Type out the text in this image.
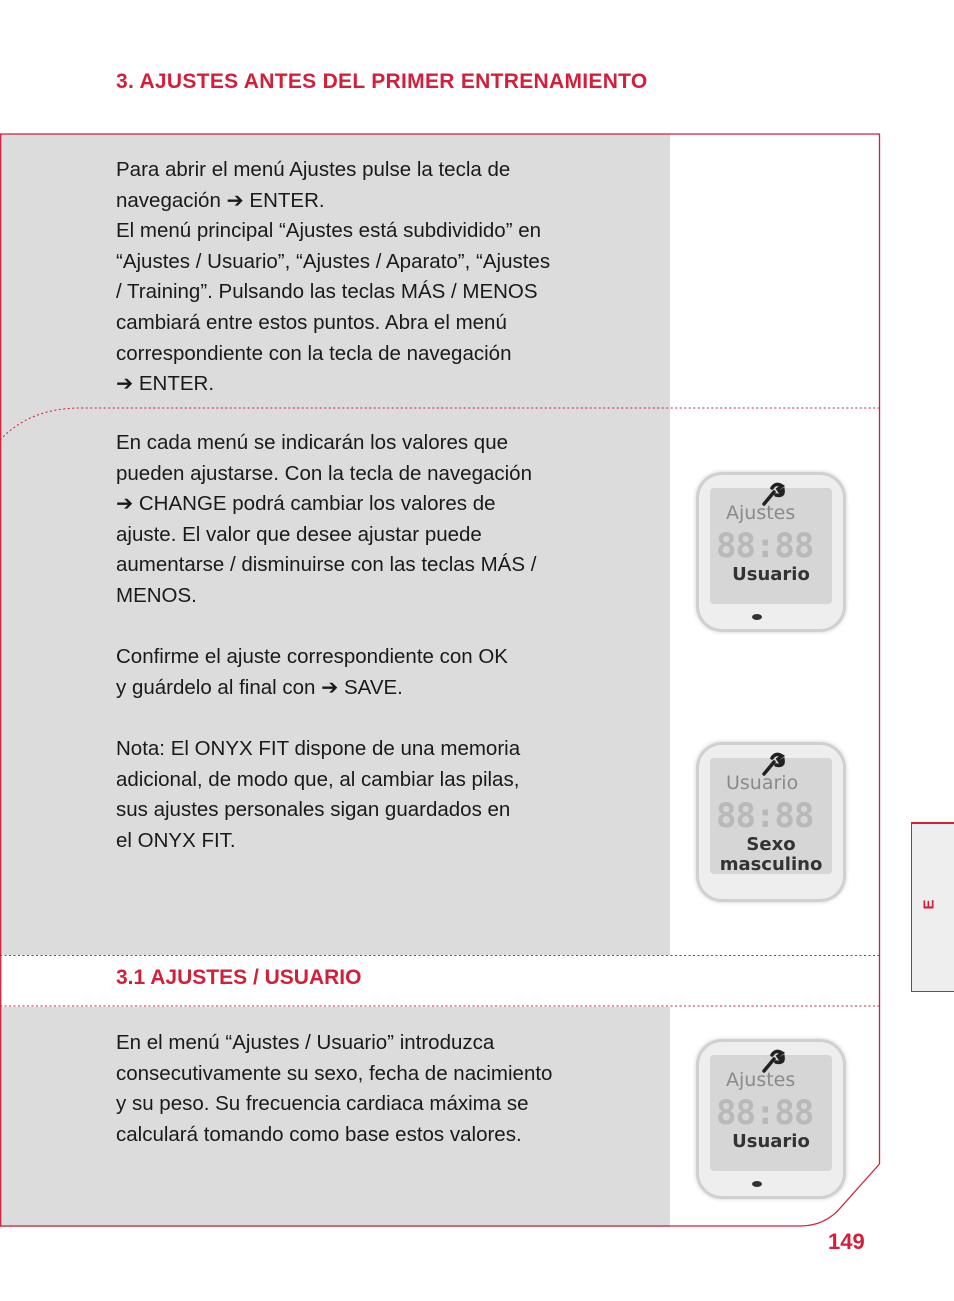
3. AJUSTES ANTES DEL PRIMER ENTRENAMIENTO

Para abrir el menú Ajustes pulse la tecla de

navegación ➔ ENTER.

El menú principal “Ajustes está subdividido” en

“Ajustes / Usuario”, “Ajustes / Aparato”, “Ajustes

/ Training”. Pulsando las teclas MÁS / MENOS

cambiará entre estos puntos. Abra el menú

correspondiente con la tecla de navegación

➔ ENTER.

En cada menú se indicarán los valores que

pueden ajustarse. Con la tecla de navegación

➔ CHANGE podrá cambiar los valores de

ajuste. El valor que desee ajustar puede

aumentarse / disminuirse con las teclas MÁS /

MENOS.

Confirme el ajuste correspondiente con OK

y guárdelo al final con ➔ SAVE.

Nota: El ONYX FIT dispone de una memoria

adicional, de modo que, al cambiar las pilas,

sus ajustes personales sigan guardados en

el ONYX FIT.

3.1 AJUSTES / USUARIO

En el menú “Ajustes / Usuario” introduzca

consecutivamente su sexo, fecha de nacimiento

y su peso. Su frecuencia cardiaca máxima se

calculará tomando como base estos valores.

Ajustes
88:88
Usuario
Usuario
88:88
Sexo
masculino
Ajustes
88:88
Usuario
E
149
